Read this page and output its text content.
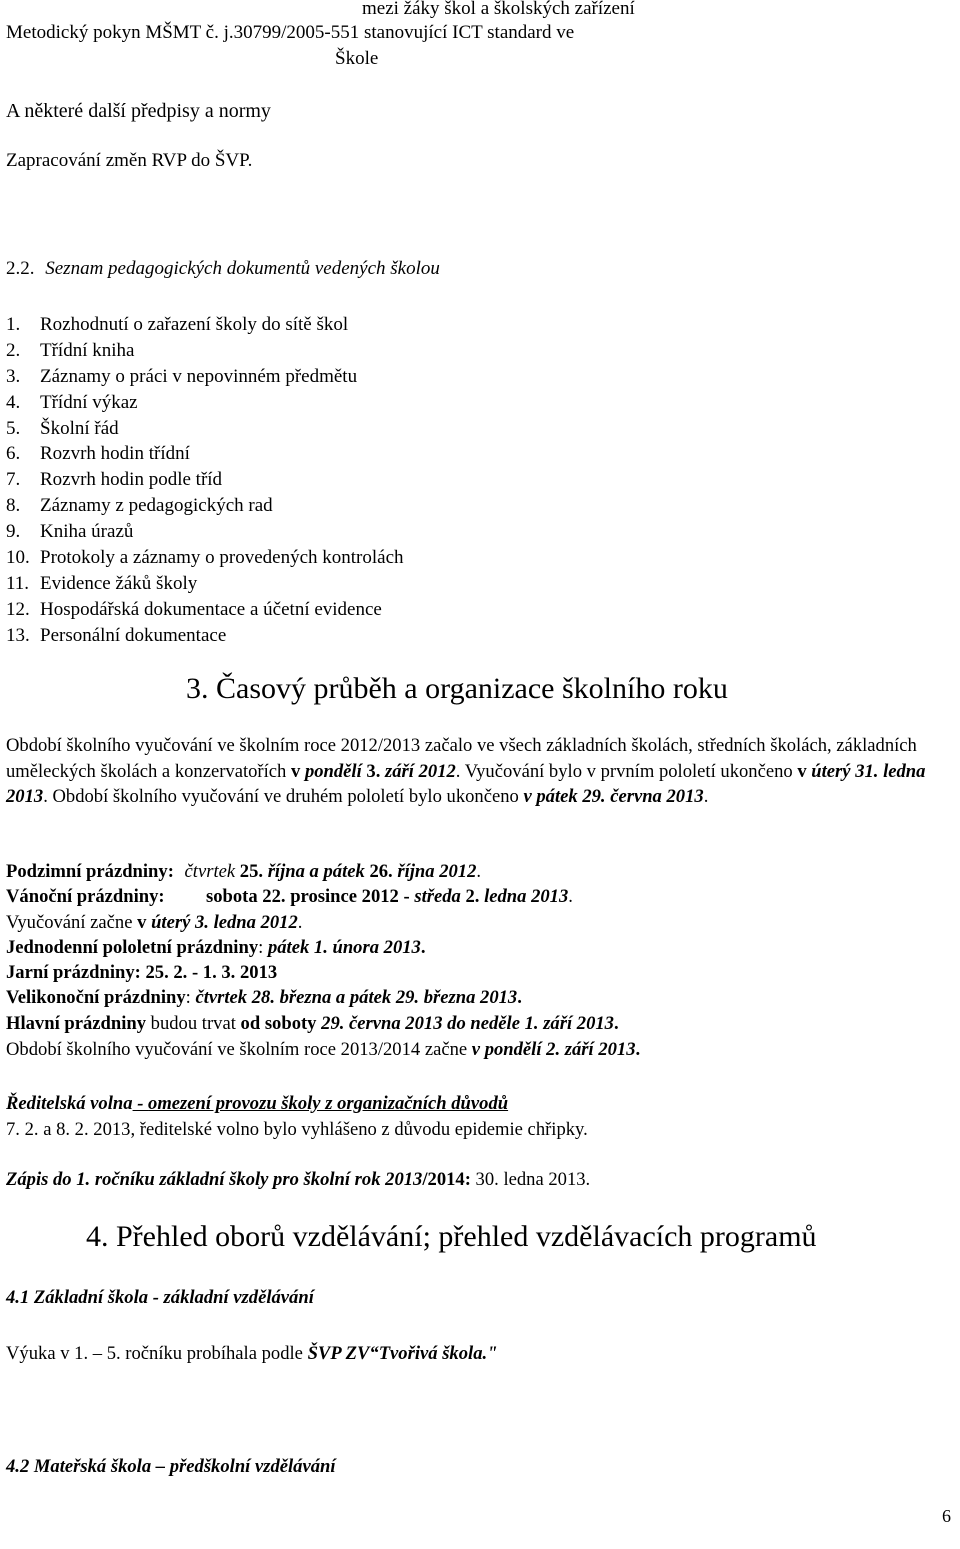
mezi žáky škol a školských zařízení
Metodický pokyn MŠMT č. j.30799/2005-551 stanovující ICT standard ve
Škole
A některé další předpisy a normy
Zapracování změn RVP do ŠVP.
2.2. Seznam pedagogických dokumentů vedených školou
1. Rozhodnutí o zařazení školy do sítě škol
2. Třídní kniha
3. Záznamy o práci v nepovinném předmětu
4. Třídní výkaz
5. Školní řád
6. Rozvrh hodin třídní
7. Rozvrh hodin podle tříd
8. Záznamy z pedagogických rad
9. Kniha úrazů
10. Protokoly a záznamy o provedených kontrolách
11. Evidence žáků školy
12. Hospodářská dokumentace a účetní evidence
13. Personální dokumentace
3. Časový průběh a organizace školního roku
Období školního vyučování ve školním roce 2012/2013 začalo ve všech základních školách, středních školách, základních uměleckých školách a konzervatořích v pondělí 3. září 2012. Vyučování bylo v prvním pololetí ukončeno v úterý 31. ledna 2013. Období školního vyučování ve druhém pololetí bylo ukončeno v pátek 29. června 2013.
Podzimní prázdniny: čtvrtek 25. října a pátek 26. října 2012.
Vánoční prázdniny: sobota 22. prosince 2012 - středa 2. ledna 2013.
Vyučování začne v úterý 3. ledna 2012.
Jednodenní pololetní prázdniny: pátek 1. února 2013.
Jarní prázdniny: 25. 2. - 1. 3. 2013
Velikonoční prázdniny: čtvrtek 28. března a pátek 29. března 2013.
Hlavní prázdniny budou trvat od soboty 29. června 2013 do neděle 1. září 2013.
Období školního vyučování ve školním roce 2013/2014 začne v pondělí 2. září 2013.
Ředitelská volna - omezení provozu školy z organizačních důvodů
7. 2. a 8. 2. 2013, ředitelské volno bylo vyhlášeno z důvodu epidemie chřipky.
Zápis do 1. ročníku základní školy pro školní rok 2013/2014: 30. ledna 2013.
4. Přehled oborů vzdělávání; přehled vzdělávacích programů
4.1 Základní škola - základní vzdělávání
Výuka v 1. – 5. ročníku probíhala podle ŠVP ZV“Tvořivá škola."
4.2 Mateřská škola – předškolní vzdělávání
6
